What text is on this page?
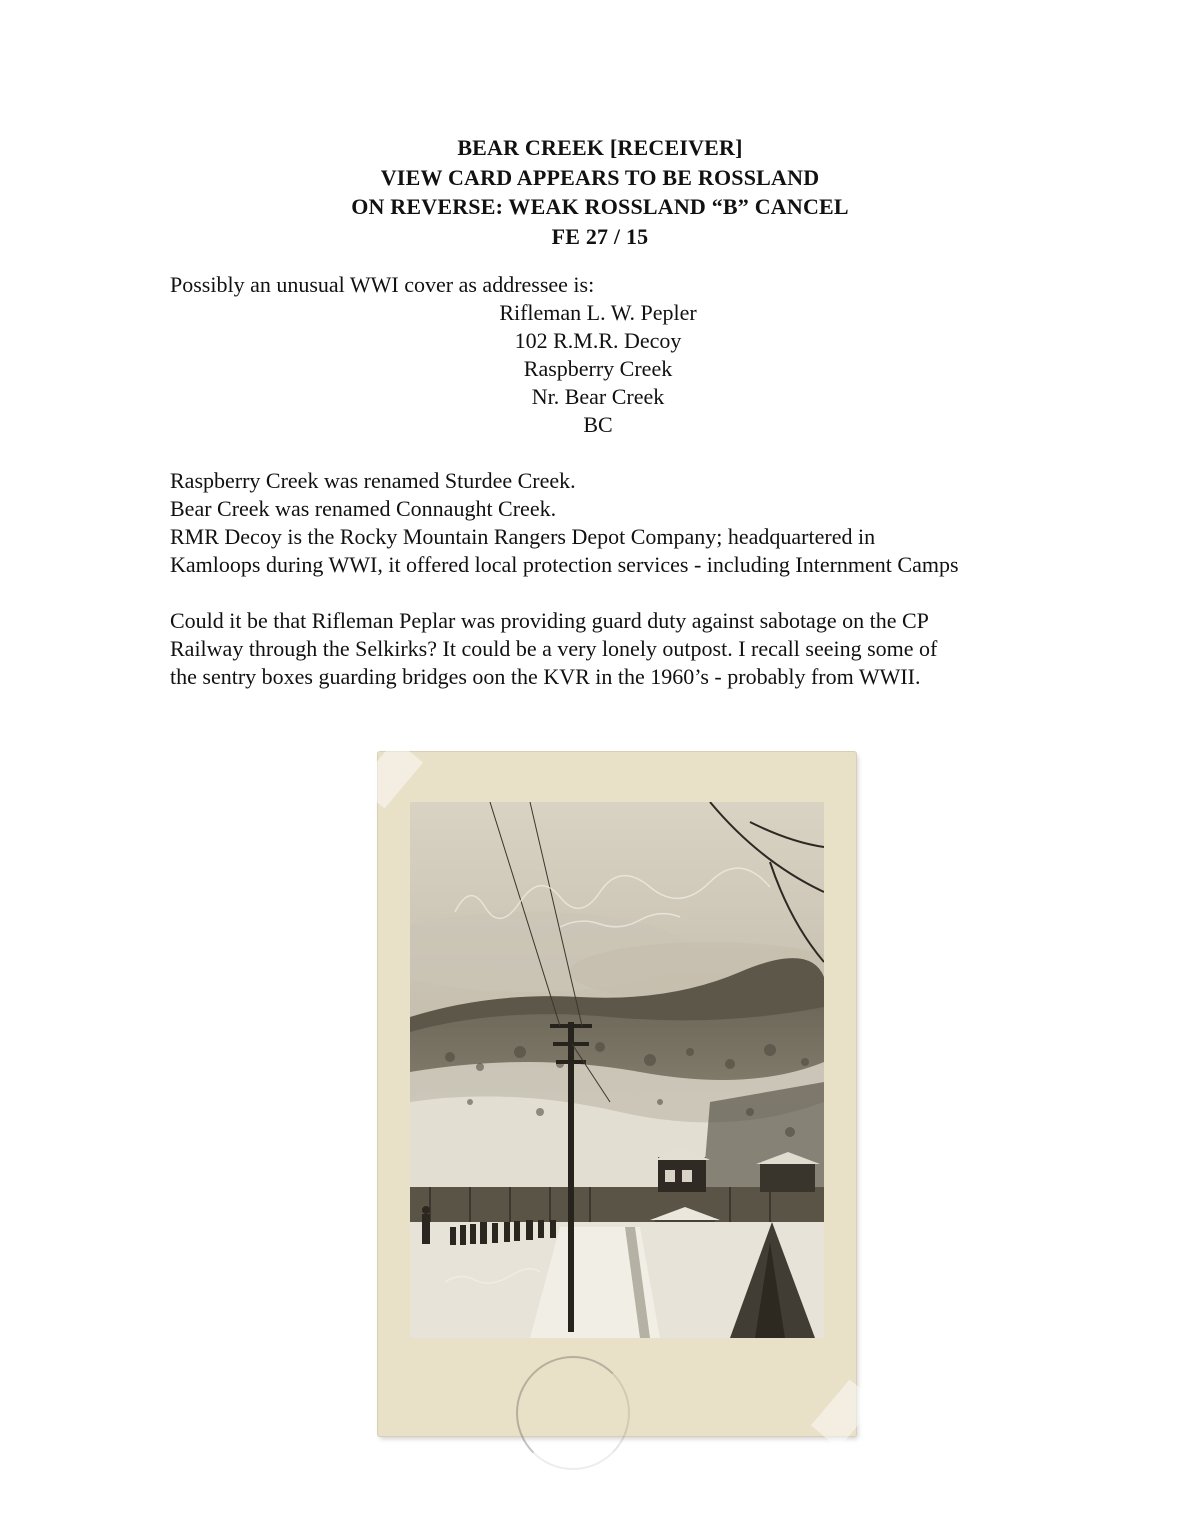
BEAR CREEK [RECEIVER]
VIEW CARD APPEARS TO BE ROSSLAND
ON REVERSE: WEAK ROSSLAND “B” CANCEL
FE 27 / 15
Possibly an unusual WWI cover as addressee is:
Rifleman L. W. Pepler
102 R.M.R. Decoy
Raspberry Creek
Nr. Bear Creek
BC
Raspberry Creek was renamed Sturdee Creek.
Bear Creek was renamed Connaught Creek.
RMR Decoy is the Rocky Mountain Rangers Depot Company; headquartered in
Kamloops during WWI, it offered local protection services - including Internment Camps
Could it be that Rifleman Peplar was providing guard duty against sabotage on the CP
Railway through the Selkirks? It could be a very lonely outpost. I recall seeing some of
the sentry boxes guarding bridges oon the KVR in the 1960’s - probably from WWII.
